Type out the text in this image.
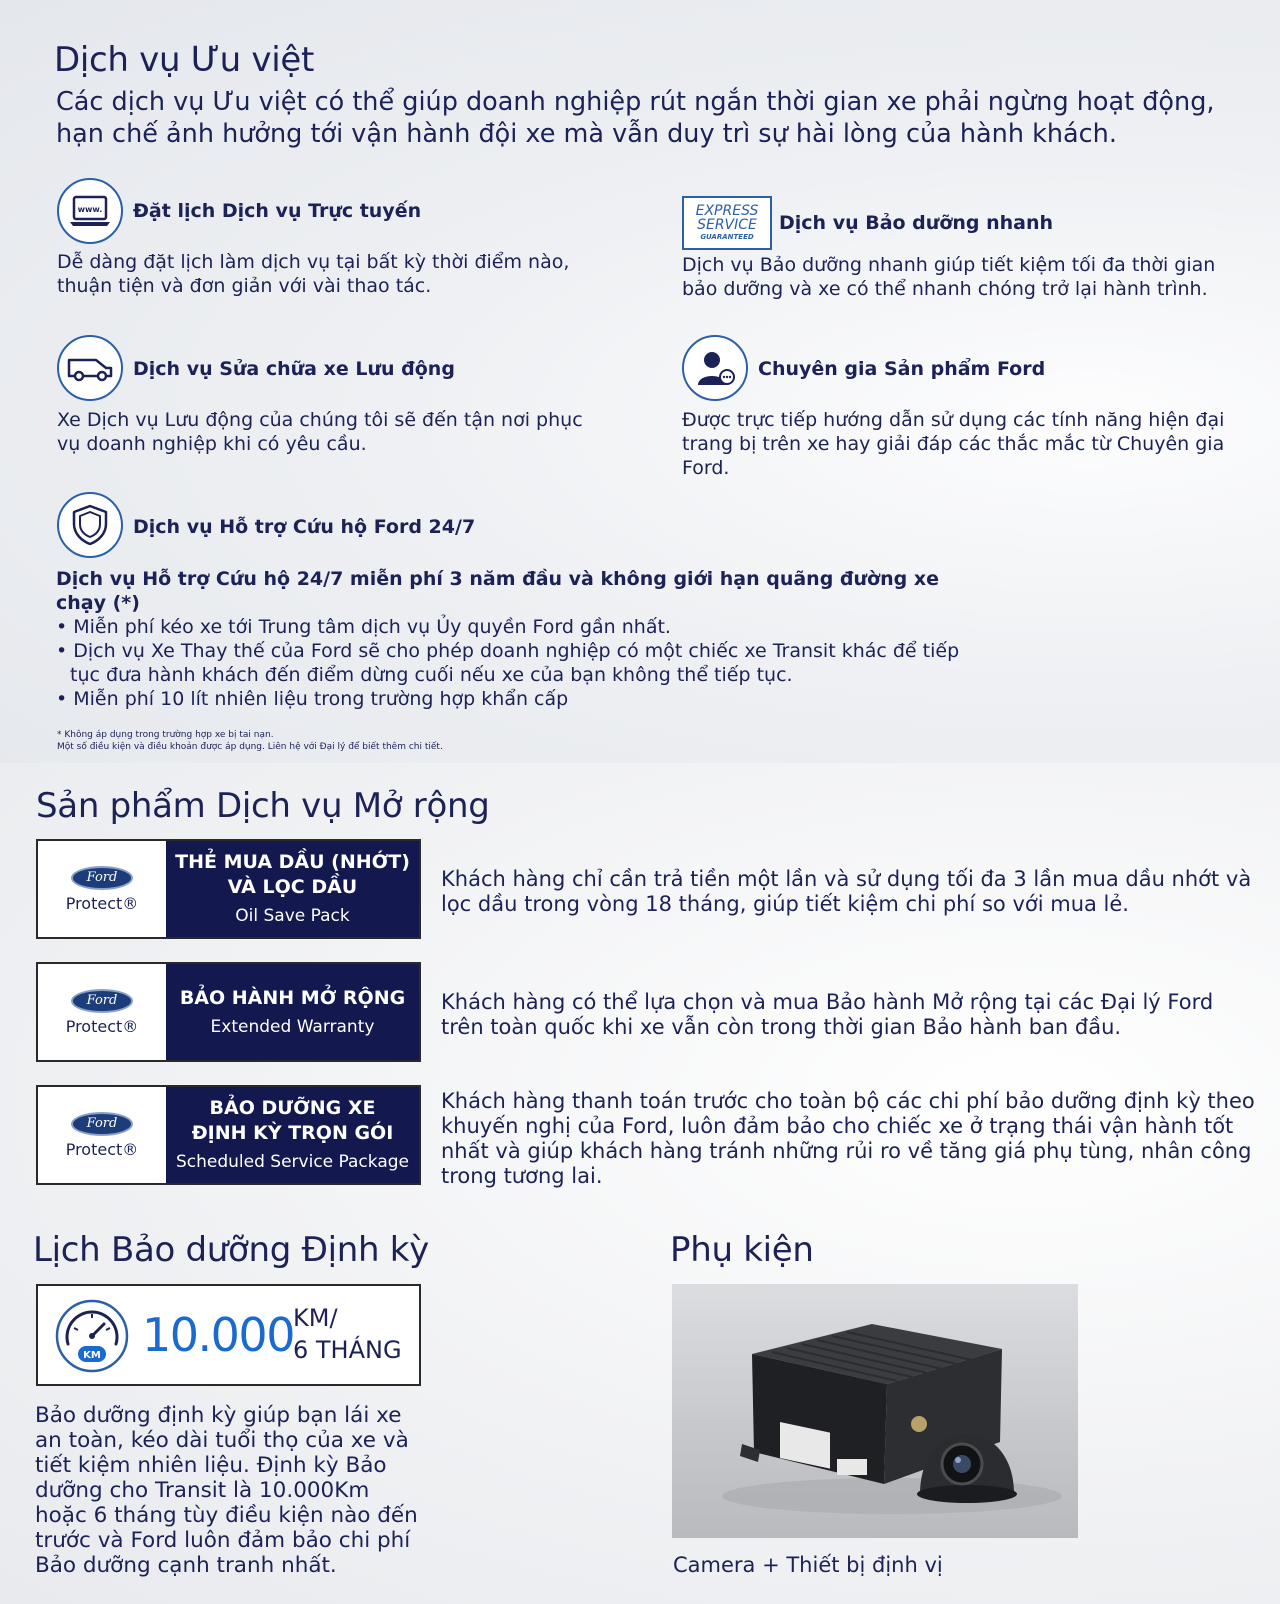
Dịch vụ Ưu việt

Các dịch vụ Ưu việt có thể giúp doanh nghiệp rút ngắn thời gian xe phải ngừng hoạt động, hạn chế ảnh hưởng tới vận hành đội xe mà vẫn duy trì sự hài lòng của hành khách.

www. Đặt lịch Dịch vụ Trực tuyến
Dễ dàng đặt lịch làm dịch vụ tại bất kỳ thời điểm nào, thuận tiện và đơn giản với vài thao tác.
EXPRESS
SERVICE
GUARANTEED
Dịch vụ Bảo dưỡng nhanh
Dịch vụ Bảo dưỡng nhanh giúp tiết kiệm tối đa thời gian bảo dưỡng và xe có thể nhanh chóng trở lại hành trình.
Dịch vụ Sửa chữa xe Lưu động
Xe Dịch vụ Lưu động của chúng tôi sẽ đến tận nơi phục vụ doanh nghiệp khi có yêu cầu.
Chuyên gia Sản phẩm Ford
Được trực tiếp hướng dẫn sử dụng các tính năng hiện đại trang bị trên xe hay giải đáp các thắc mắc từ Chuyên gia Ford.
Dịch vụ Hỗ trợ Cứu hộ Ford 24/7
Dịch vụ Hỗ trợ Cứu hộ 24/7 miễn phí 3 năm đầu và không giới hạn quãng đường xe chạy (*)
• Miễn phí kéo xe tới Trung tâm dịch vụ Ủy quyền Ford gần nhất.
• Dịch vụ Xe Thay thế của Ford sẽ cho phép doanh nghiệp có một chiếc xe Transit khác để tiếp tục đưa hành khách đến điểm dừng cuối nếu xe của bạn không thể tiếp tục.
• Miễn phí 10 lít nhiên liệu trong trường hợp khẩn cấp
* Không áp dụng trong trường hợp xe bị tai nạn.
Một số điều kiện và điều khoản được áp dụng. Liên hệ với Đại lý để biết thêm chi tiết.
Sản phẩm Dịch vụ Mở rộng
Ford
Protect®
THẺ MUA DẦU (NHỚT)
VÀ LỌC DẦU
Oil Save Pack
Khách hàng chỉ cần trả tiền một lần và sử dụng tối đa 3 lần mua dầu nhớt và lọc dầu trong vòng 18 tháng, giúp tiết kiệm chi phí so với mua lẻ.
Ford
Protect®
BẢO HÀNH MỞ RỘNG
Extended Warranty
Khách hàng có thể lựa chọn và mua Bảo hành Mở rộng tại các Đại lý Ford trên toàn quốc khi xe vẫn còn trong thời gian Bảo hành ban đầu.
Ford
Protect®
BẢO DƯỠNG XE
ĐỊNH KỲ TRỌN GÓI
Scheduled Service Package
Khách hàng thanh toán trước cho toàn bộ các chi phí bảo dưỡng định kỳ theo khuyến nghị của Ford, luôn đảm bảo cho chiếc xe ở trạng thái vận hành tốt nhất và giúp khách hàng tránh những rủi ro về tăng giá phụ tùng, nhân công trong tương lai.
Lịch Bảo dưỡng Định kỳ
KM 10.000 KM/
6 THÁNG
Bảo dưỡng định kỳ giúp bạn lái xe an toàn, kéo dài tuổi thọ của xe và tiết kiệm nhiên liệu. Định kỳ Bảo dưỡng cho Transit là 10.000Km hoặc 6 tháng tùy điều kiện nào đến trước và Ford luôn đảm bảo chi phí Bảo dưỡng cạnh tranh nhất.
Phụ kiện
Camera + Thiết bị định vị
